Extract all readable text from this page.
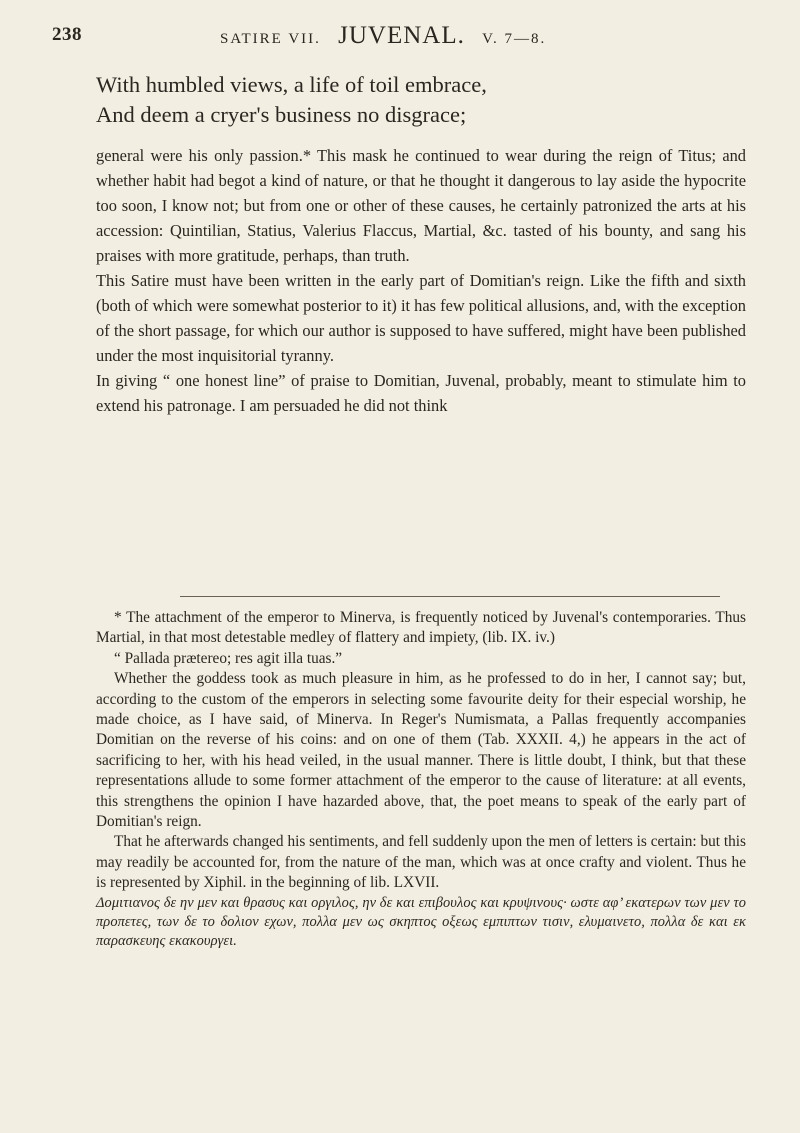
238	SATIRE VII. JUVENAL. V. 7—8.
With humbled views, a life of toil embrace,
And deem a cryer's business no disgrace;

general were his only passion.* This mask he continued to wear during the reign of Titus; and whether habit had begot a kind of nature, or that he thought it dangerous to lay aside the hypocrite too soon, I know not; but from one or other of these causes, he certainly patronized the arts at his accession: Quintilian, Statius, Valerius Flaccus, Martial, &c. tasted of his bounty, and sang his praises with more gratitude, perhaps, than truth.

This Satire must have been written in the early part of Domitian's reign. Like the fifth and sixth (both of which were somewhat posterior to it) it has few political allusions, and, with the exception of the short passage, for which our author is supposed to have suffered, might have been published under the most inquisitorial tyranny.

In giving “ one honest line” of praise to Domitian, Juvenal, probably, meant to stimulate him to extend his patronage. I am persuaded he did not think

* The attachment of the emperor to Minerva, is frequently noticed by Juvenal's contemporaries. Thus Martial, in that most detestable medley of flattery and impiety, (lib. IX. iv.)

“ Pallada prætereo; res agit illa tuas.”

Whether the goddess took as much pleasure in him, as he professed to do in her, I cannot say; but, according to the custom of the emperors in selecting some favourite deity for their especial worship, he made choice, as I have said, of Minerva. In Reger's Numismata, a Pallas frequently accompanies Domitian on the reverse of his coins: and on one of them (Tab. XXXII. 4,) he appears in the act of sacrificing to her, with his head veiled, in the usual manner. There is little doubt, I think, but that these representations allude to some former attachment of the emperor to the cause of literature: at all events, this strengthens the opinion I have hazarded above, that, the poet means to speak of the early part of Domitian's reign.

That he afterwards changed his sentiments, and fell suddenly upon the men of letters is certain: but this may readily be accounted for, from the nature of the man, which was at once crafty and violent. Thus he is represented by Xiphil. in the beginning of lib. LXVII.

Δομιτιανος δε ην μεν και θρασυς και οργιλος, ην δε και επιβουλος και κρυψινους· ωστε αφ’ εκατερων των μεν το προπετες, των δε το δολιον εχων, πολλα μεν ως σκηπτος οξεως εμπιπτων τισιν, ελυμαινετο, πολλα δε και εκ παρασκευης εκακουργει.
